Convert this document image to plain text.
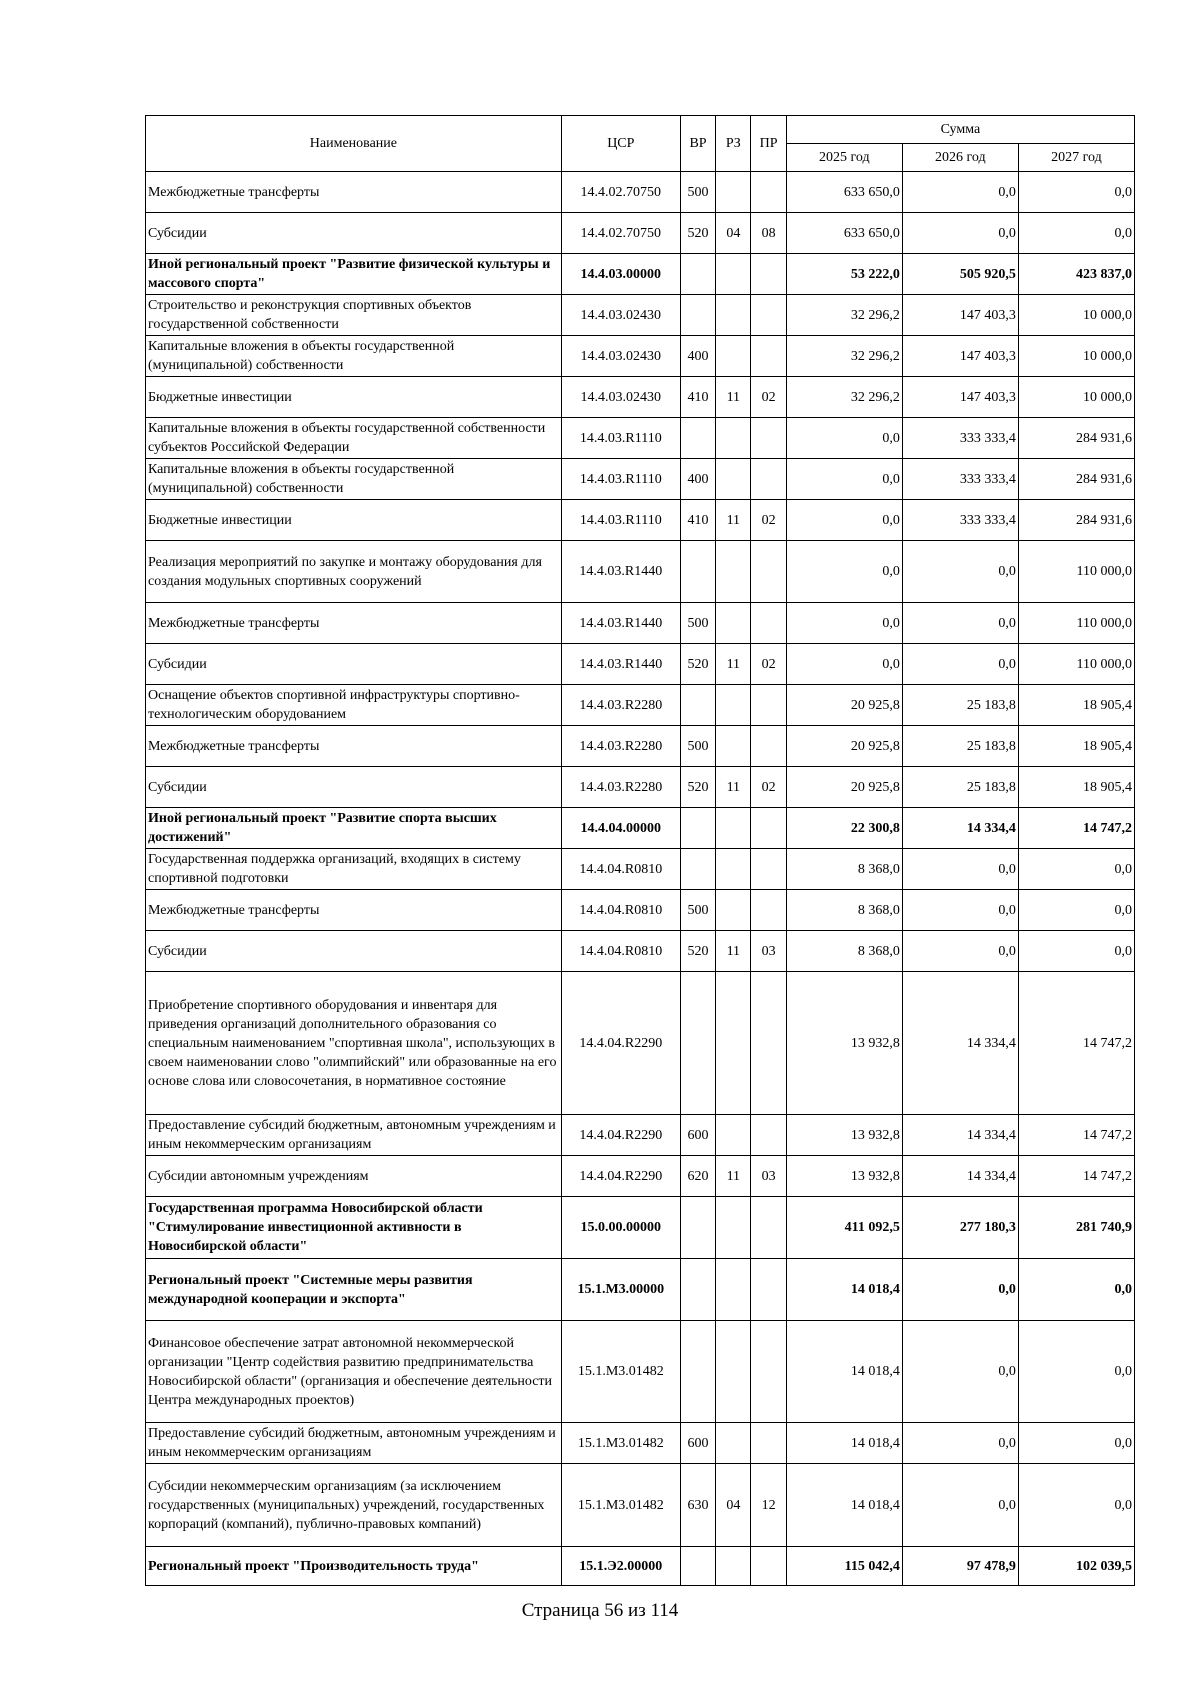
Наименование	ЦСР	ВР	РЗ	ПР	Сумма		
					2025 год	2026 год	2027 год
Межбюджетные трансферты	14.4.02.70750	500			633 650,0	0,0	0,0
Субсидии	14.4.02.70750	520	04	08	633 650,0	0,0	0,0
Иной региональный проект "Развитие физической культуры и массового спорта"	14.4.03.00000				53 222,0	505 920,5	423 837,0
Строительство и реконструкция спортивных объектов государственной собственности	14.4.03.02430				32 296,2	147 403,3	10 000,0
Капитальные вложения в объекты государственной (муниципальной) собственности	14.4.03.02430	400			32 296,2	147 403,3	10 000,0
Бюджетные инвестиции	14.4.03.02430	410	11	02	32 296,2	147 403,3	10 000,0
Капитальные вложения в объекты государственной собственности субъектов Российской Федерации	14.4.03.R1110				0,0	333 333,4	284 931,6
Капитальные вложения в объекты государственной (муниципальной) собственности	14.4.03.R1110	400			0,0	333 333,4	284 931,6
Бюджетные инвестиции	14.4.03.R1110	410	11	02	0,0	333 333,4	284 931,6
Реализация мероприятий по закупке и монтажу оборудования для создания модульных спортивных сооружений	14.4.03.R1440				0,0	0,0	110 000,0
Межбюджетные трансферты	14.4.03.R1440	500			0,0	0,0	110 000,0
Субсидии	14.4.03.R1440	520	11	02	0,0	0,0	110 000,0
Оснащение объектов спортивной инфраструктуры спортивно-технологическим оборудованием	14.4.03.R2280				20 925,8	25 183,8	18 905,4
Межбюджетные трансферты	14.4.03.R2280	500			20 925,8	25 183,8	18 905,4
Субсидии	14.4.03.R2280	520	11	02	20 925,8	25 183,8	18 905,4
Иной региональный проект "Развитие спорта высших достижений"	14.4.04.00000				22 300,8	14 334,4	14 747,2
Государственная поддержка организаций, входящих в систему спортивной подготовки	14.4.04.R0810				8 368,0	0,0	0,0
Межбюджетные трансферты	14.4.04.R0810	500			8 368,0	0,0	0,0
Субсидии	14.4.04.R0810	520	11	03	8 368,0	0,0	0,0
Приобретение спортивного оборудования и инвентаря для приведения организаций дополнительного образования со специальным наименованием "спортивная школа", использующих в своем наименовании слово "олимпийский" или образованные на его основе слова или словосочетания, в нормативное состояние	14.4.04.R2290				13 932,8	14 334,4	14 747,2
Предоставление субсидий бюджетным, автономным учреждениям и иным некоммерческим организациям	14.4.04.R2290	600			13 932,8	14 334,4	14 747,2
Субсидии автономным учреждениям	14.4.04.R2290	620	11	03	13 932,8	14 334,4	14 747,2
Государственная программа Новосибирской области "Стимулирование инвестиционной активности в Новосибирской области"	15.0.00.00000				411 092,5	277 180,3	281 740,9
Региональный проект "Системные меры развития международной кооперации и экспорта"	15.1.М3.00000				14 018,4	0,0	0,0
Финансовое обеспечение затрат автономной некоммерческой организации "Центр содействия развитию предпринимательства Новосибирской области" (организация и обеспечение деятельности Центра международных проектов)	15.1.М3.01482				14 018,4	0,0	0,0
Предоставление субсидий бюджетным, автономным учреждениям и иным некоммерческим организациям	15.1.М3.01482	600			14 018,4	0,0	0,0
Субсидии некоммерческим организациям (за исключением государственных (муниципальных) учреждений, государственных корпораций (компаний), публично-правовых компаний)	15.1.М3.01482	630	04	12	14 018,4	0,0	0,0
Региональный проект "Производительность труда"	15.1.Э2.00000				115 042,4	97 478,9	102 039,5
Страница 56 из 114
